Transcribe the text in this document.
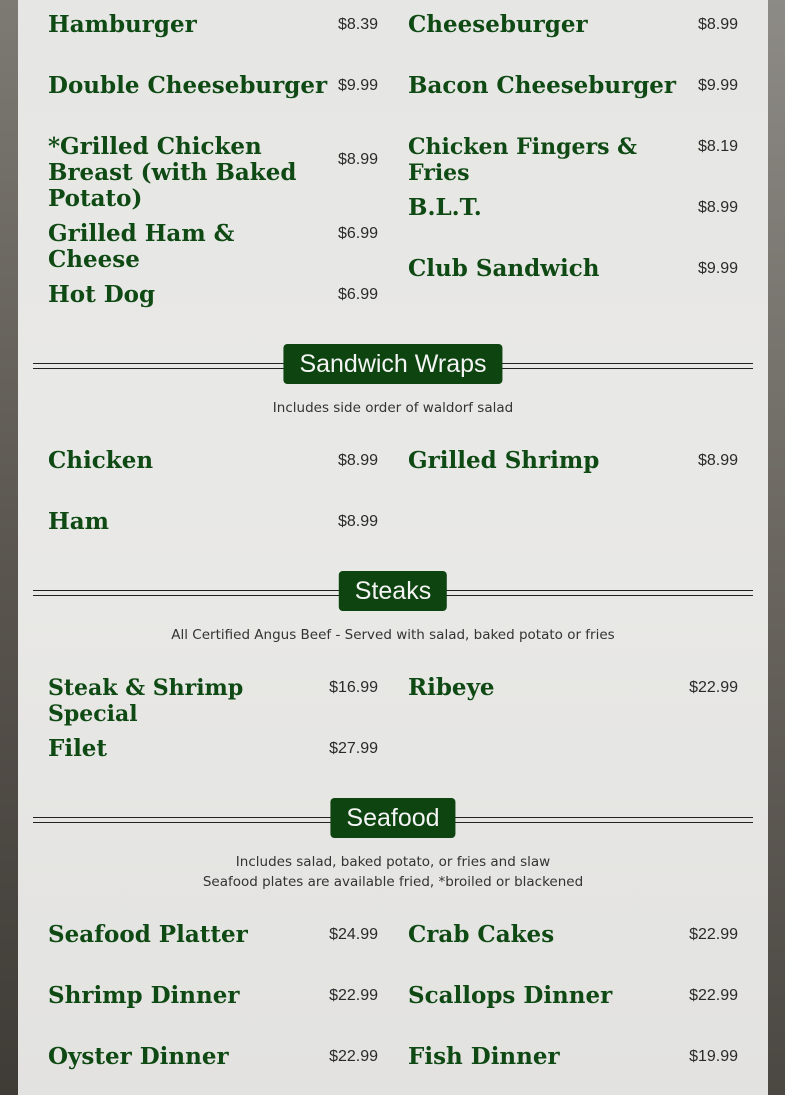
Hamburger	$8.39
Double Cheeseburger $9.99
*Grilled Chicken Breast (with Baked Potato)
$8.99
Grilled Ham & Cheese
$6.99
Hot Dog	$6.99
Cheeseburger	$8.99
Bacon Cheeseburger	$9.99
Chicken Fingers & Fries
$8.19
B.L.T.	$8.99
Club Sandwich	$9.99
Sandwich Wraps
Includes side order of waldorf salad
Chicken	$8.99 Grilled Shrimp	$8.99
Ham	$8.99
Steaks
All Certified Angus Beef - Served with salad, baked potato or fries
Steak & Shrimp Special
$16.99 Ribeye	$22.99
Filet	$27.99
Seafood
Includes salad, baked potato, or fries and slaw
Seafood plates are available fried, *broiled or blackened
Seafood Platter	$24.99 Crab Cakes	$22.99
Shrimp Dinner	$22.99 Scallops Dinner	$22.99
Oyster Dinner	$22.99 Fish Dinner	$19.99
